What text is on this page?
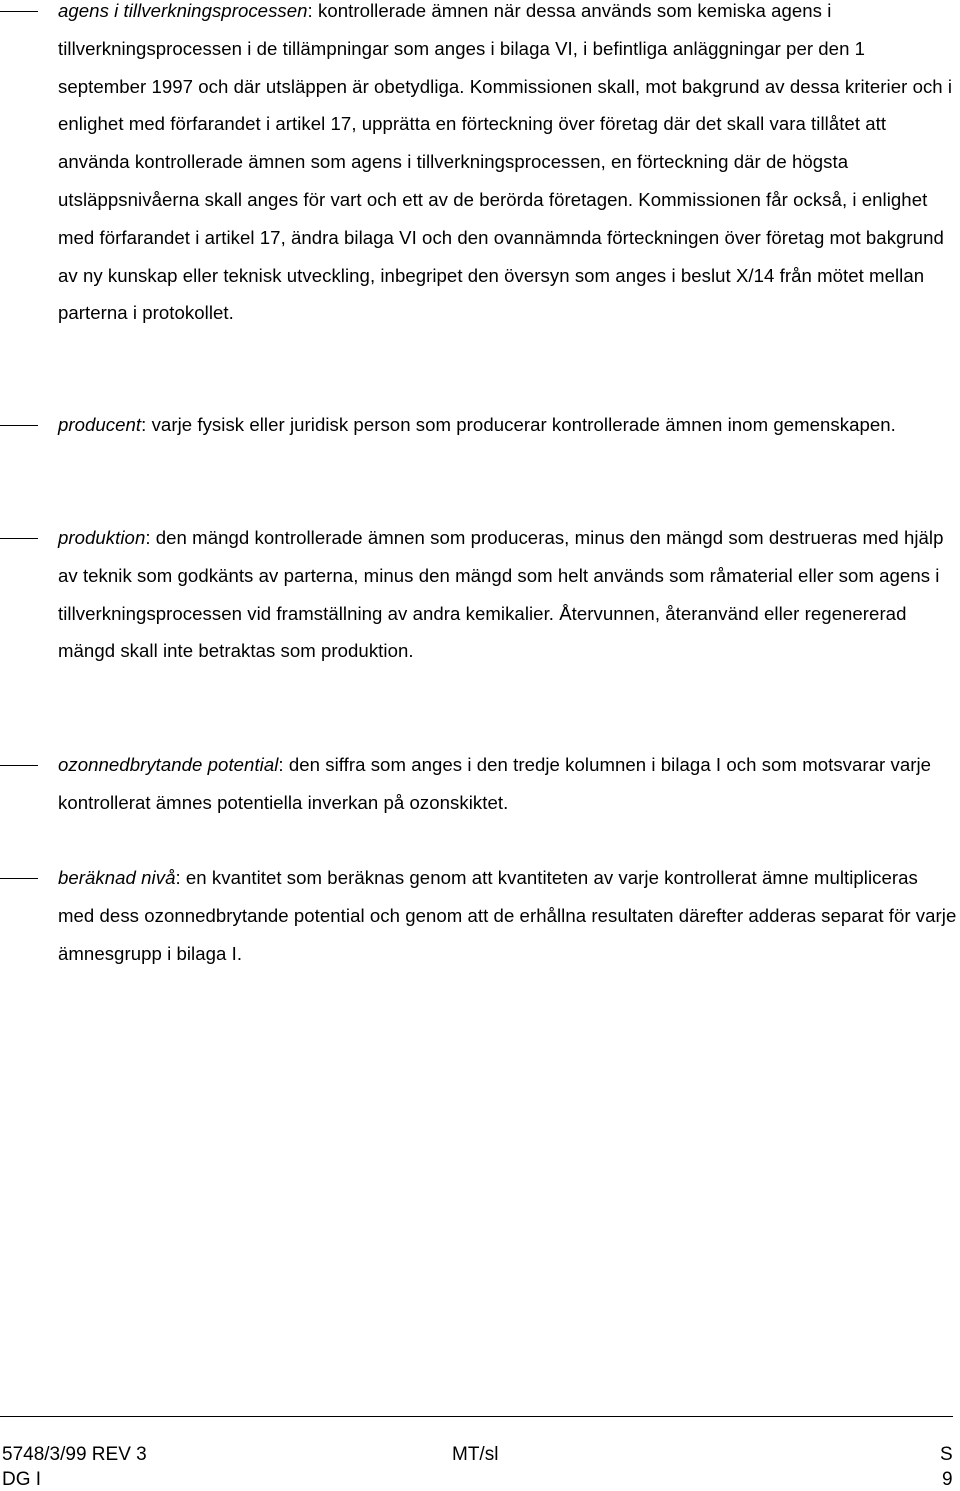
agens i tillverkningsprocessen: kontrollerade ämnen när dessa används som kemiska agens i tillverkningsprocessen i de tillämpningar som anges i bilaga VI, i befintliga anläggningar per den 1 september 1997 och där utsläppen är obetydliga. Kommissionen skall, mot bakgrund av dessa kriterier och i enlighet med förfarandet i artikel 17, upprätta en förteckning över företag där det skall vara tillåtet att använda kontrollerade ämnen som agens i tillverkningsprocessen, en förteckning där de högsta utsläppsnivåerna skall anges för vart och ett av de berörda företagen. Kommissionen får också, i enlighet med förfarandet i artikel 17, ändra bilaga VI och den ovannämnda förteckningen över företag mot bakgrund av ny kunskap eller teknisk utveckling, inbegripet den översyn som anges i beslut X/14 från mötet mellan parterna i protokollet.

producent: varje fysisk eller juridisk person som producerar kontrollerade ämnen inom gemenskapen.

produktion: den mängd kontrollerade ämnen som produceras, minus den mängd som destrueras med hjälp av teknik som godkänts av parterna, minus den mängd som helt används som råmaterial eller som agens i tillverkningsprocessen vid framställning av andra kemikalier. Återvunnen, återanvänd eller regenererad mängd skall inte betraktas som produktion.

ozonnedbrytande potential: den siffra som anges i den tredje kolumnen i bilaga I och som motsvarar varje kontrollerat ämnes potentiella inverkan på ozonskiktet.

beräknad nivå: en kvantitet som beräknas genom att kvantiteten av varje kontrollerat ämne multipliceras med dess ozonnedbrytande potential och genom att de erhållna resultaten därefter adderas separat för varje ämnesgrupp i bilaga I.

5748/3/99 REV 3	MT/sl	S
DG I	9
